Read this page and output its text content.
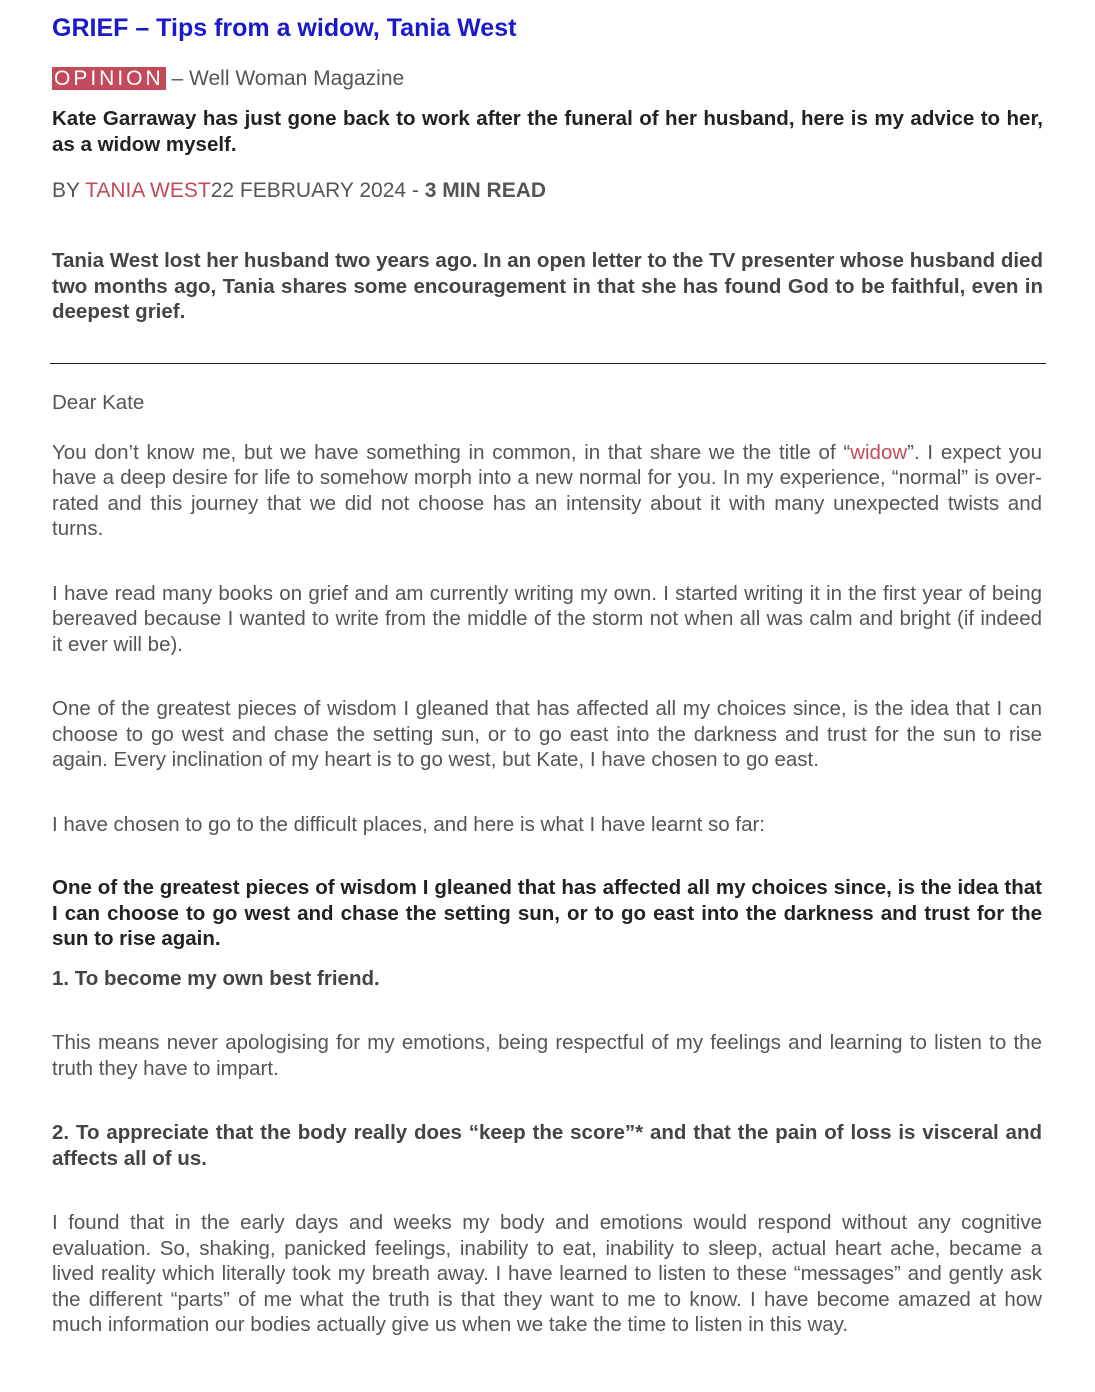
GRIEF – Tips from a widow, Tania West
OPINION – Well Woman Magazine
Kate Garraway has just gone back to work after the funeral of her husband, here is my advice to her, as a widow myself.
BY TANIA WEST22 FEBRUARY 2024 - 3 MIN READ
Tania West lost her husband two years ago. In an open letter to the TV presenter whose husband died two months ago, Tania shares some encouragement in that she has found God to be faithful, even in deepest grief.

Dear Kate

You don’t know me, but we have something in common, in that share we the title of “widow”. I expect you have a deep desire for life to somehow morph into a new normal for you. In my experience, “normal” is over-rated and this journey that we did not choose has an intensity about it with many unexpected twists and turns.

I have read many books on grief and am currently writing my own. I started writing it in the first year of being bereaved because I wanted to write from the middle of the storm not when all was calm and bright (if indeed it ever will be).

One of the greatest pieces of wisdom I gleaned that has affected all my choices since, is the idea that I can choose to go west and chase the setting sun, or to go east into the darkness and trust for the sun to rise again. Every inclination of my heart is to go west, but Kate, I have chosen to go east.

I have chosen to go to the difficult places, and here is what I have learnt so far:

One of the greatest pieces of wisdom I gleaned that has affected all my choices since, is the idea that I can choose to go west and chase the setting sun, or to go east into the darkness and trust for the sun to rise again.

1. To become my own best friend.

This means never apologising for my emotions, being respectful of my feelings and learning to listen to the truth they have to impart.

2. To appreciate that the body really does “keep the score”* and that the pain of loss is visceral and affects all of us.

I found that in the early days and weeks my body and emotions would respond without any cognitive evaluation. So, shaking, panicked feelings, inability to eat, inability to sleep, actual heart ache, became a lived reality which literally took my breath away. I have learned to listen to these “messages” and gently ask the different “parts” of me what the truth is that they want to me to know. I have become amazed at how much information our bodies actually give us when we take the time to listen in this way.
